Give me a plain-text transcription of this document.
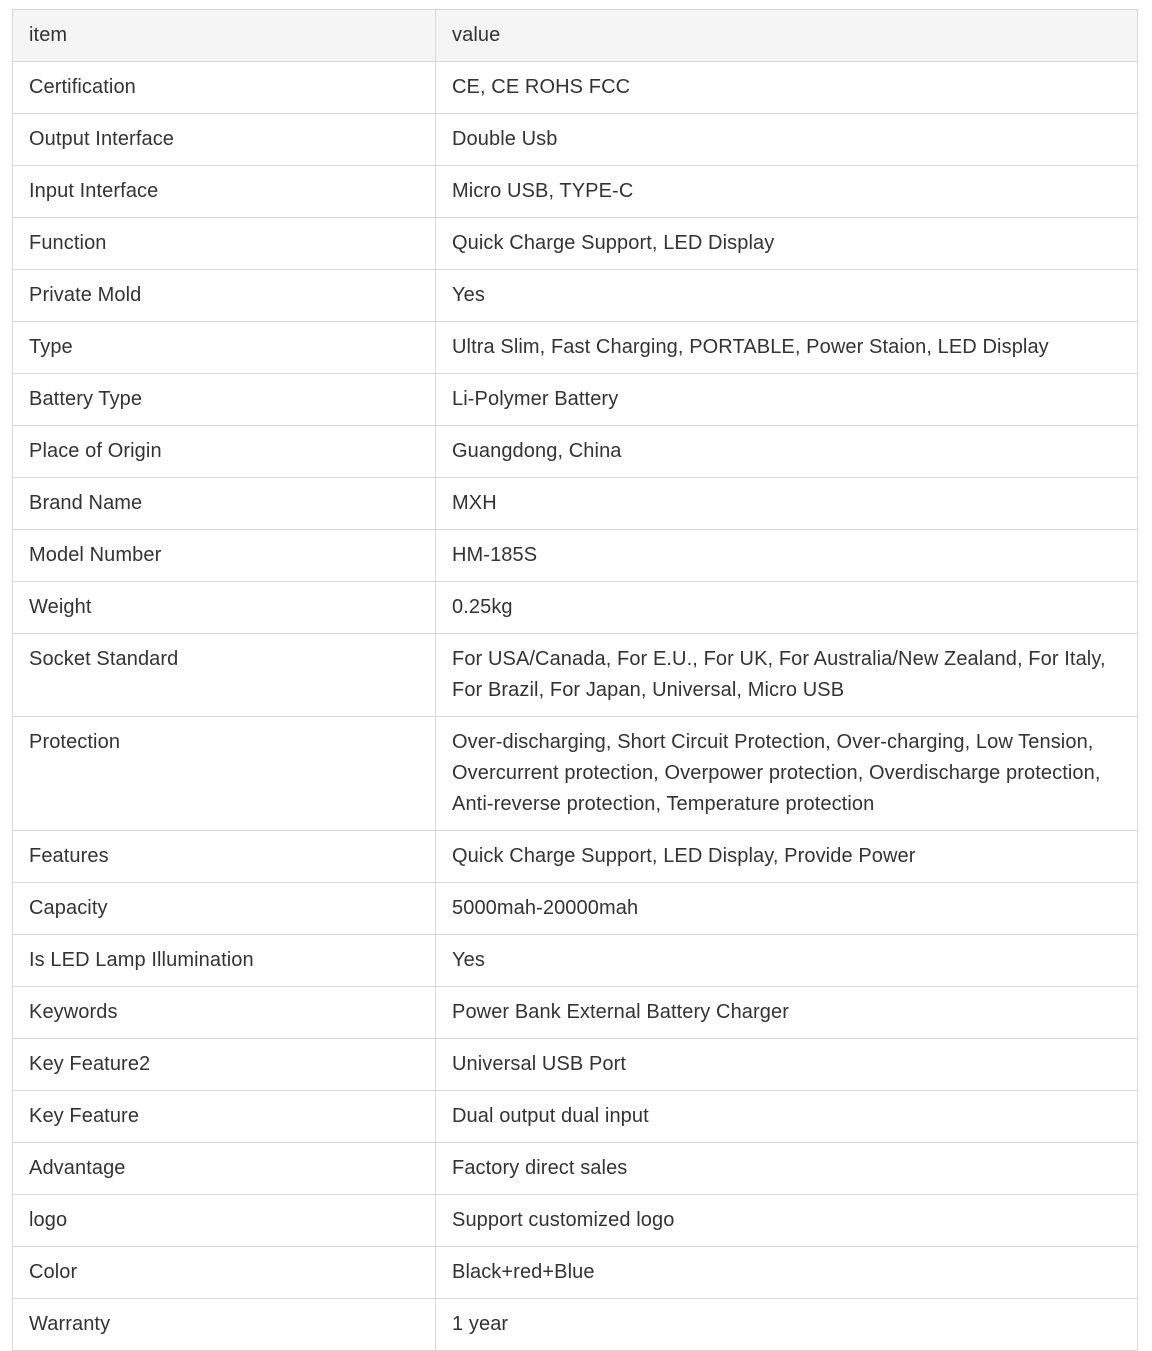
item	value
Certification	CE, CE ROHS FCC
Output Interface	Double Usb
Input Interface	Micro USB, TYPE-C
Function	Quick Charge Support, LED Display
Private Mold	Yes
Type	Ultra Slim, Fast Charging, PORTABLE, Power Staion, LED Display
Battery Type	Li-Polymer Battery
Place of Origin	Guangdong, China
Brand Name	MXH
Model Number	HM-185S
Weight	0.25kg
Socket Standard	For USA/Canada, For E.U., For UK, For Australia/New Zealand, For Italy, For Brazil, For Japan, Universal, Micro USB
Protection	Over-discharging, Short Circuit Protection, Over-charging, Low Tension, Overcurrent protection, Overpower protection, Overdischarge protection, Anti-reverse protection, Temperature protection
Features	Quick Charge Support, LED Display, Provide Power
Capacity	5000mah-20000mah
Is LED Lamp Illumination	Yes
Keywords	Power Bank External Battery Charger
Key Feature2	Universal USB Port
Key Feature	Dual output dual input
Advantage	Factory direct sales
logo	Support customized logo
Color	Black+red+Blue
Warranty	1 year
